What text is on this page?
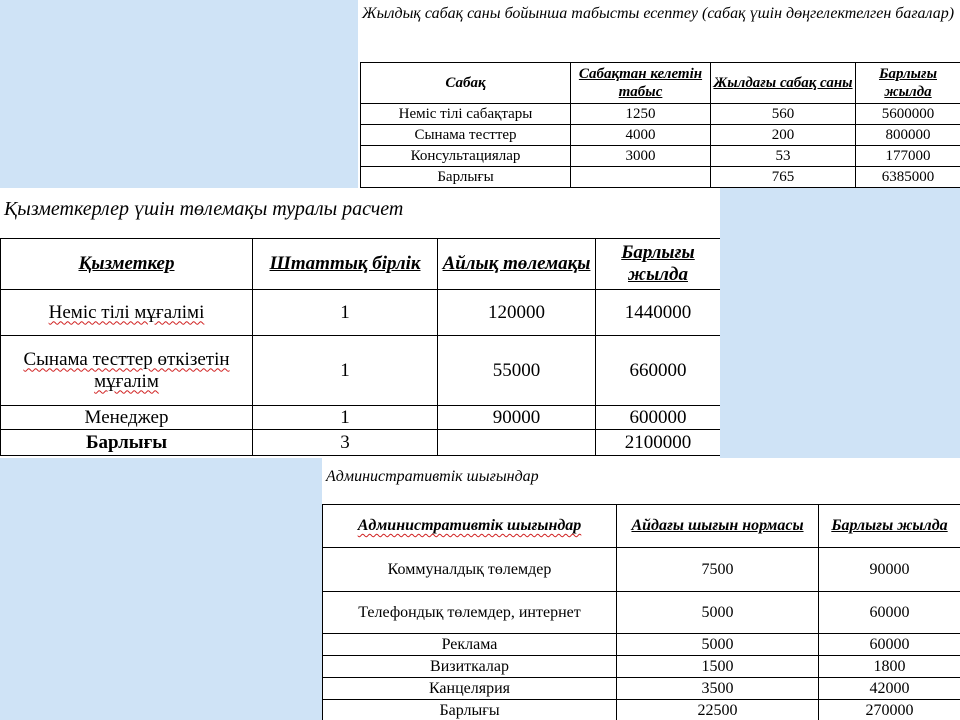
Жылдық сабақ саны бойынша табысты есептеу (сабақ үшін дөңгелектелген бағалар)
Сабақ	Сабақтан келетін табыс	Жылдағы сабақ саны	Барлығы жылда
Неміс тілі сабақтары	1250	560	5600000
Сынама тесттер	4000	200	800000
Консультациялар	3000	53	177000
Барлығы		765	6385000
Қызметкерлер үшін төлемақы туралы расчет
Қызметкер	Штаттық бірлік	Айлық төлемақы	Барлығы жылда
Неміс тілі мұғалімі	1	120000	1440000
Сынама тесттер өткізетін мұғалім	1	55000	660000
Менеджер	1	90000	600000
Барлығы	3		2100000
Административтік шығындар
Административтік шығындар	Айдағы шығын нормасы	Барлығы жылда
Коммуналдық төлемдер	7500	90000
Телефондық төлемдер, интернет	5000	60000
Реклама	5000	60000
Визиткалар	1500	1800
Канцелярия	3500	42000
Барлығы	22500	270000
